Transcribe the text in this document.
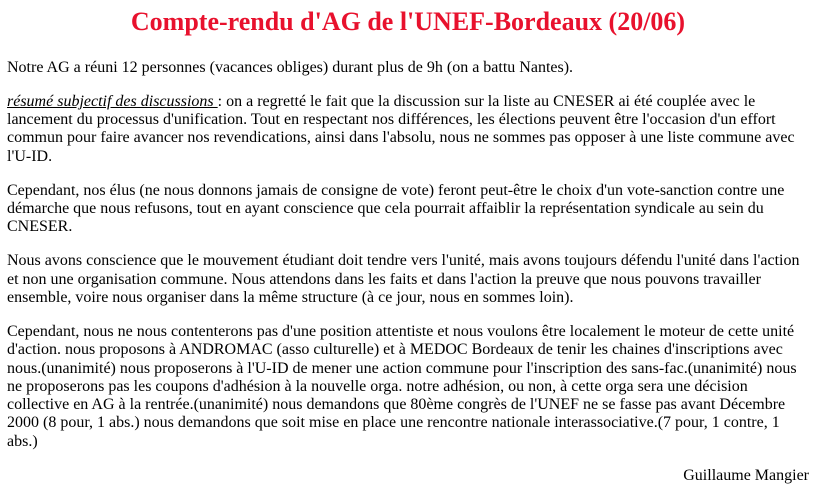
Compte-rendu d'AG de l'UNEF-Bordeaux (20/06)

Notre AG a réuni 12 personnes (vacances obliges) durant plus de 9h (on a battu Nantes).

résumé subjectif des discussions : on a regretté le fait que la discussion sur la liste au CNESER ai été couplée avec le lancement du processus d'unification. Tout en respectant nos différences, les élections peuvent être l'occasion d'un effort commun pour faire avancer nos revendications, ainsi dans l'absolu, nous ne sommes pas opposer à une liste commune avec l'U-ID.

Cependant, nos élus (ne nous donnons jamais de consigne de vote) feront peut-être le choix d'un vote-sanction contre une démarche que nous refusons, tout en ayant conscience que cela pourrait affaiblir la représentation syndicale au sein du CNESER.

Nous avons conscience que le mouvement étudiant doit tendre vers l'unité, mais avons toujours défendu l'unité dans l'action et non une organisation commune. Nous attendons dans les faits et dans l'action la preuve que nous pouvons travailler ensemble, voire nous organiser dans la même structure (à ce jour, nous en sommes loin).

Cependant, nous ne nous contenterons pas d'une position attentiste et nous voulons être localement le moteur de cette unité d'action. nous proposons à ANDROMAC (asso culturelle) et à MEDOC Bordeaux de tenir les chaines d'inscriptions avec nous.(unanimité) nous proposerons à l'U-ID de mener une action commune pour l'inscription des sans-fac.(unanimité) nous ne proposerons pas les coupons d'adhésion à la nouvelle orga. notre adhésion, ou non, à cette orga sera une décision collective en AG à la rentrée.(unanimité) nous demandons que 80ème congrès de l'UNEF ne se fasse pas avant Décembre 2000 (8 pour, 1 abs.) nous demandons que soit mise en place une rencontre nationale interassociative.(7 pour, 1 contre, 1 abs.)

Guillaume Mangier
